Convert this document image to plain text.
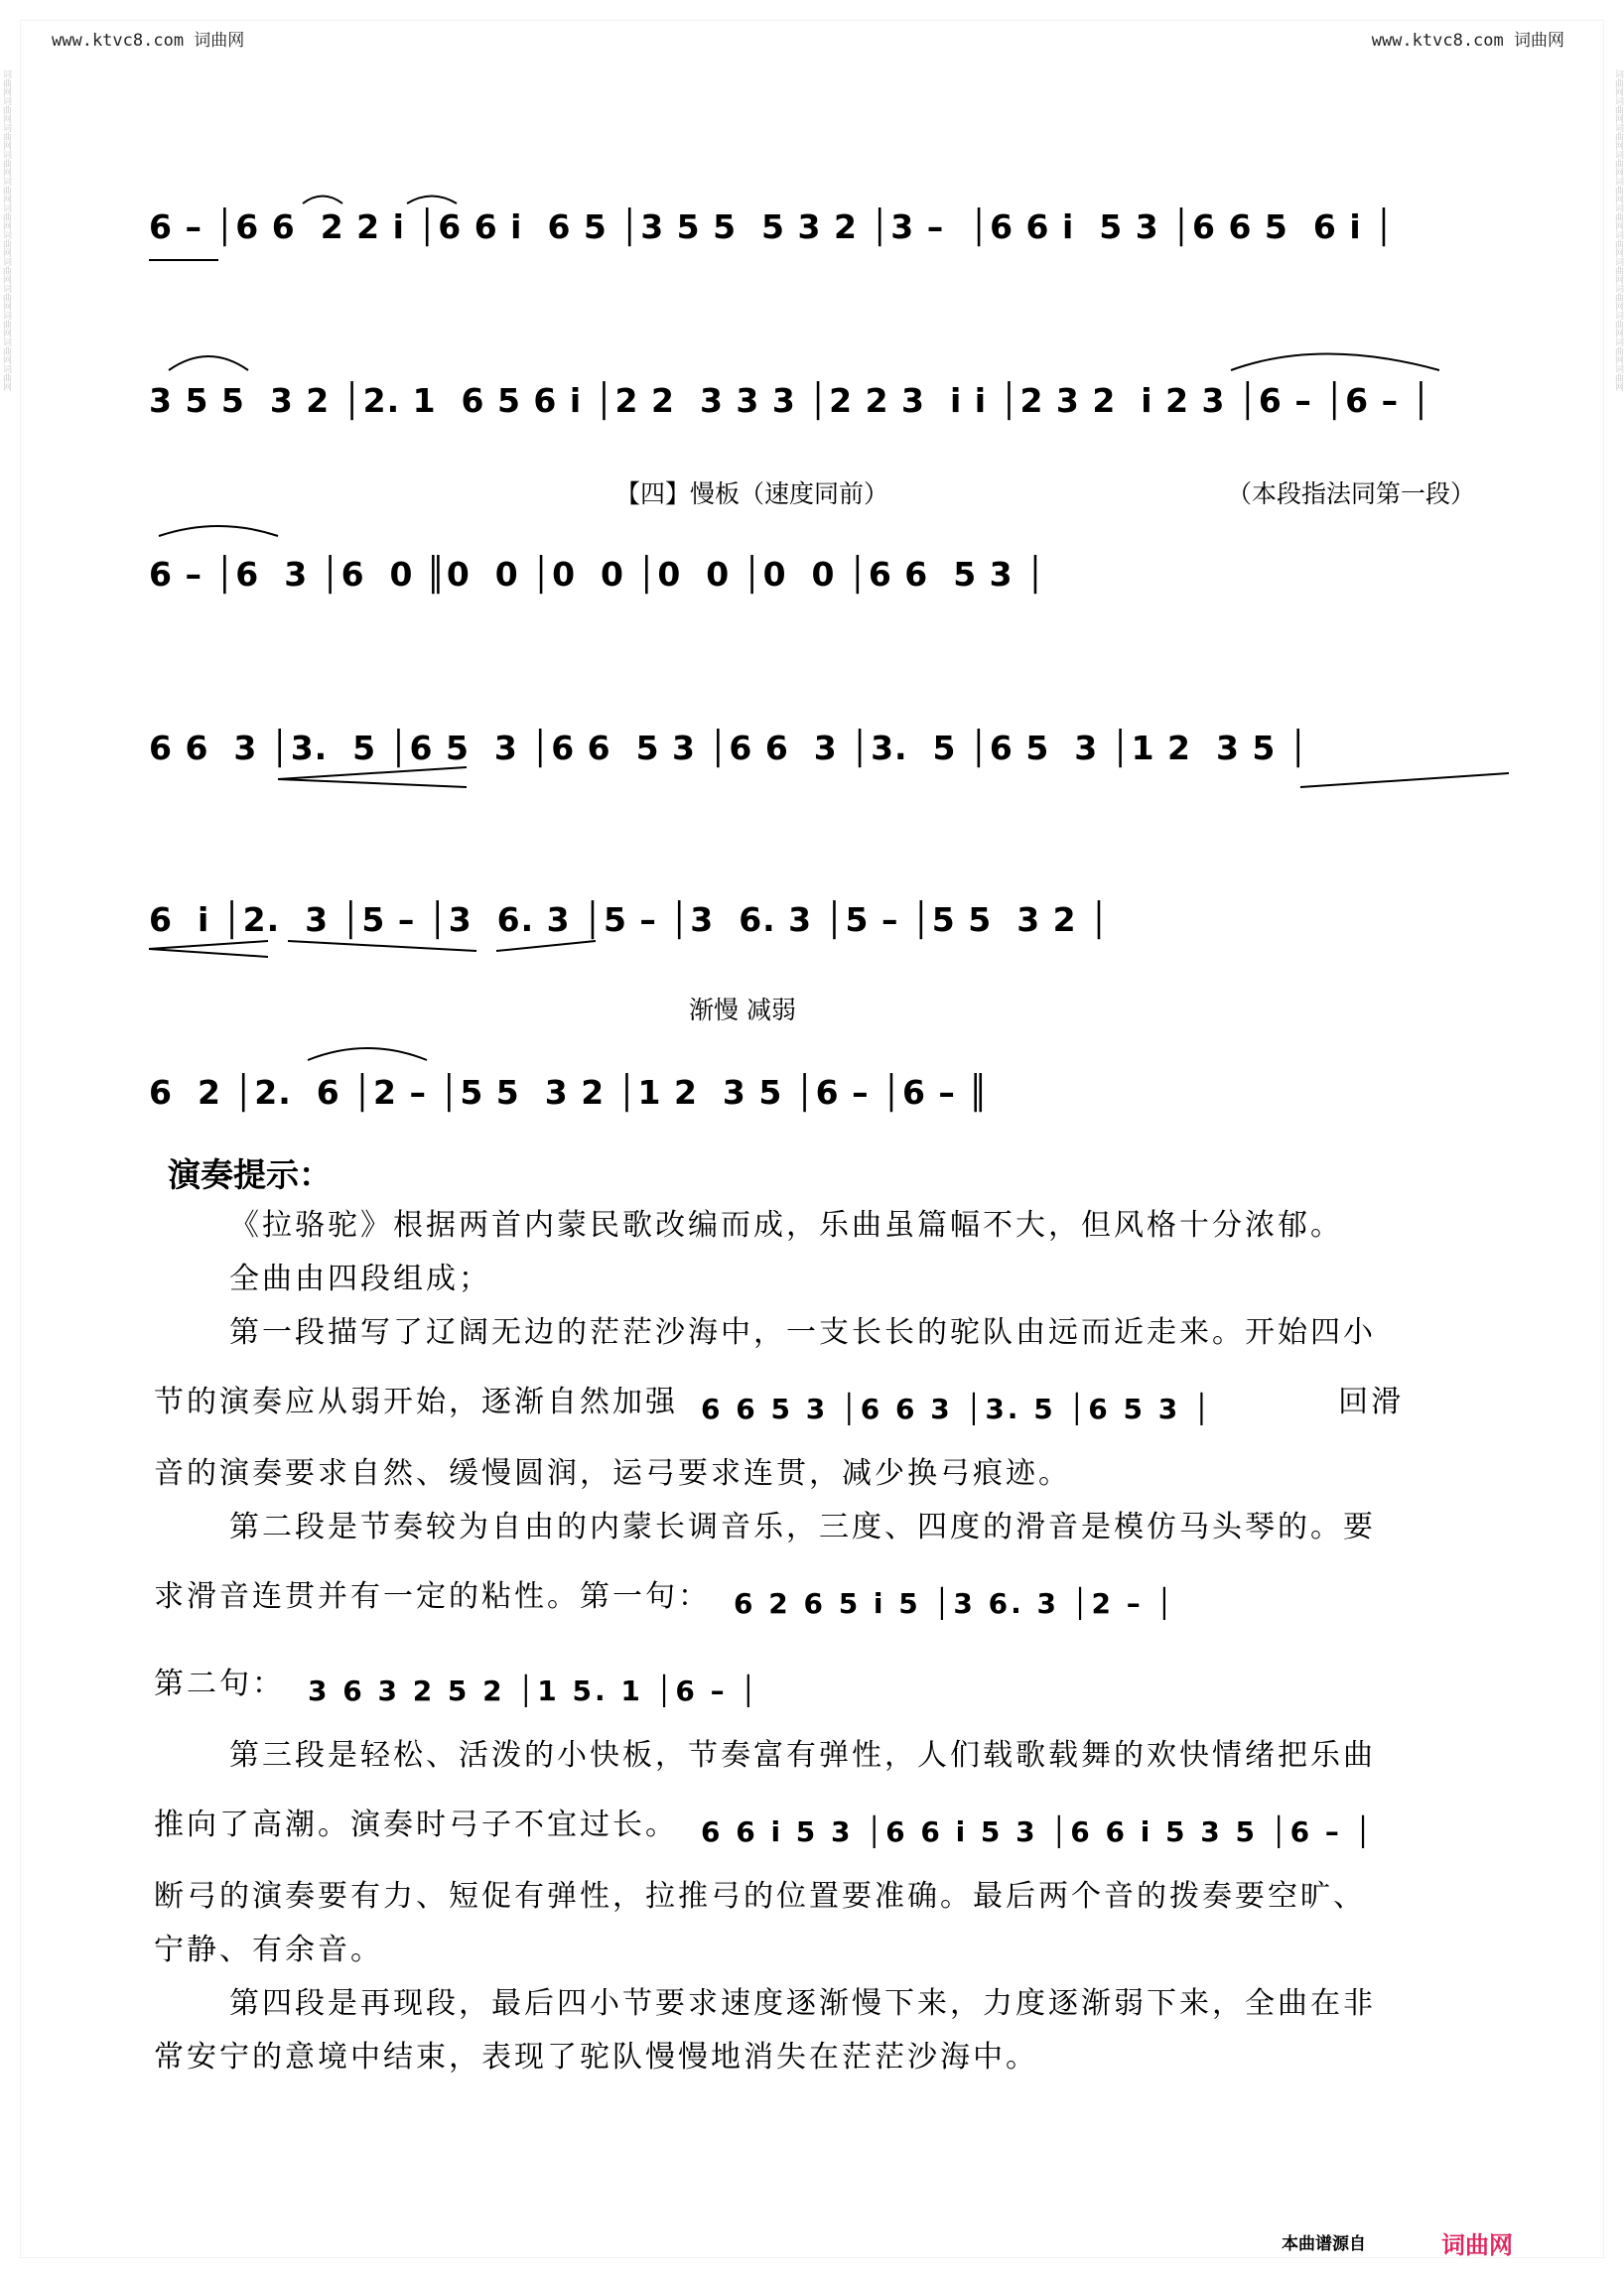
www.ktvc8.com 词曲网	www.ktvc8.com 词曲网
词曲网词曲网词曲网词曲网词曲网词曲网词曲网词曲网词曲网词曲网词曲网词曲网	词曲网词曲网词曲网词曲网词曲网词曲网词曲网词曲网词曲网词曲网词曲网词曲网
6 – │6 6  2 2 i │6 6 i  6 5 │3 5 5  5 3 2 │3 –  │6 6 i  5 3 │6 6 5  6 i │
3 5 5  3 2 │2. 1  6 5 6 i │2 2  3 3 3 │2 2 3  i i │2 3 2  i 2 3 │6 – │6 – │
【四】慢板（速度同前）	（本段指法同第一段）
6 – │6  3 │6  0 ║0  0 │0  0 │0  0 │0  0 │6 6  5 3 │
6 6  3 │3.  5 │6 5  3 │6 6  5 3 │6 6  3 │3.  5 │6 5  3 │1 2  3 5 │
6  i │2.  3 │5 – │3  6. 3 │5 – │3  6. 3 │5 – │5 5  3 2 │
渐慢 减弱
6  2 │2.  6 │2 – │5 5  3 2 │1 2  3 5 │6 – │6 – ║
演奏提示：

《拉骆驼》根据两首内蒙民歌改编而成，乐曲虽篇幅不大，但风格十分浓郁。

全曲由四段组成；

第一段描写了辽阔无边的茫茫沙海中，一支长长的驼队由远而近走来。开始四小

节的演奏应从弱开始，逐渐自然加强 6 6 5 3 │6 6 3 │3. 5 │6 5 3 │	回滑

音的演奏要求自然、缓慢圆润，运弓要求连贯，减少换弓痕迹。

第二段是节奏较为自由的内蒙长调音乐，三度、四度的滑音是模仿马头琴的。要

求滑音连贯并有一定的粘性。第一句： 6 2 6 5 i 5 │3 6. 3 │2 – │

第二句： 3 6 3 2 5 2 │1 5. 1 │6 – │

第三段是轻松、活泼的小快板，节奏富有弹性，人们载歌载舞的欢快情绪把乐曲

推向了高潮。演奏时弓子不宜过长。 6 6 i 5 3 │6 6 i 5 3 │6 6 i 5 3 5 │6 – │

断弓的演奏要有力、短促有弹性，拉推弓的位置要准确。最后两个音的拨奏要空旷、

宁静、有余音。

第四段是再现段，最后四小节要求速度逐渐慢下来，力度逐渐弱下来，全曲在非

常安宁的意境中结束，表现了驼队慢慢地消失在茫茫沙海中。

本曲谱源自	词曲网
